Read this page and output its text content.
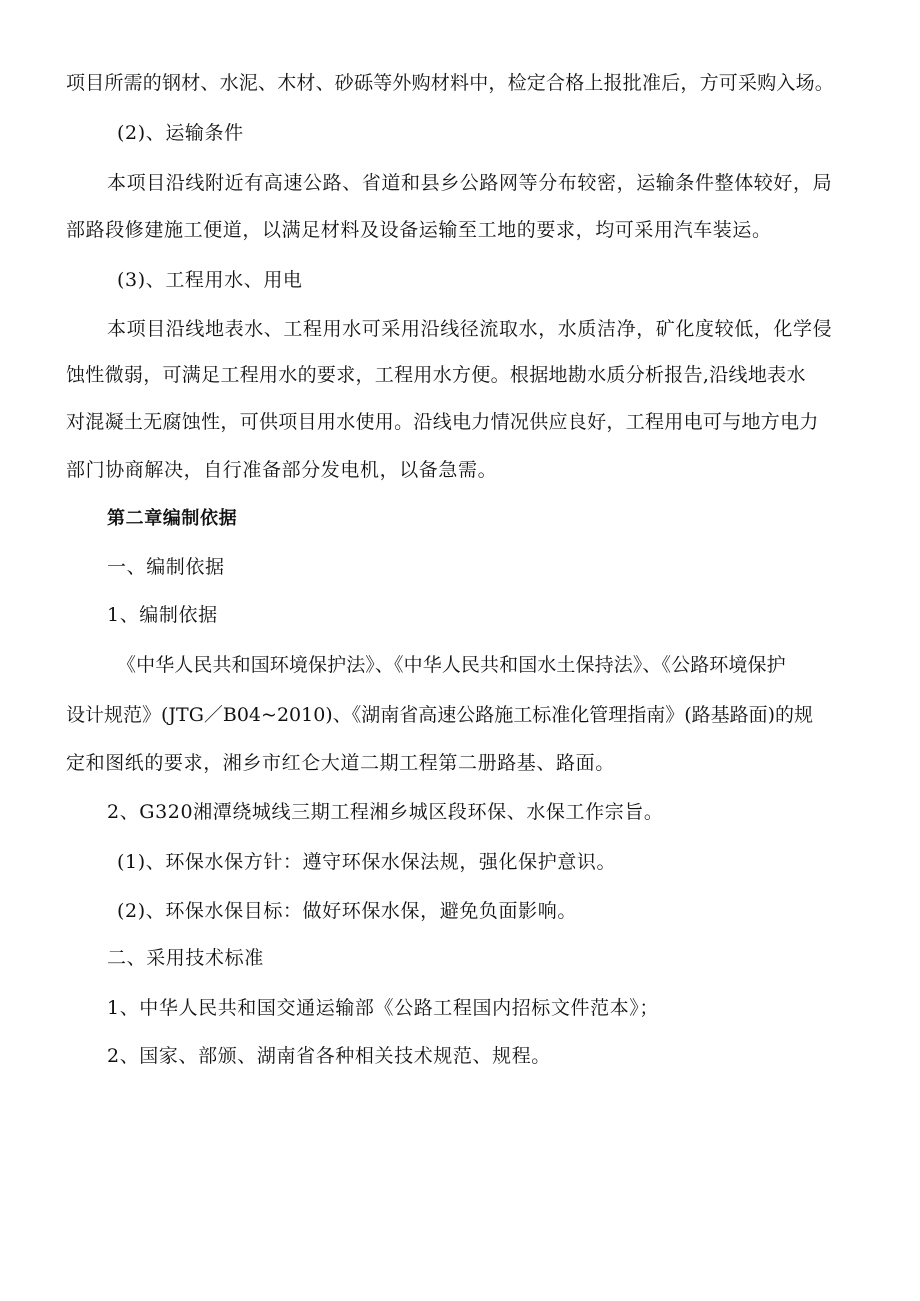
项目所需的钢材、水泥、木材、砂砾等外购材料中，检定合格上报批准后，方可采购入场。
(2)、运输条件
本项目沿线附近有高速公路、省道和县乡公路网等分布较密，运输条件整体较好，局
部路段修建施工便道，以满足材料及设备运输至工地的要求，均可采用汽车装运。
(3)、工程用水、用电
本项目沿线地表水、工程用水可采用沿线径流取水，水质洁净，矿化度较低，化学侵
蚀性微弱，可满足工程用水的要求，工程用水方便。根据地勘水质分析报告,沿线地表水
对混凝土无腐蚀性，可供项目用水使用。沿线电力情况供应良好，工程用电可与地方电力
部门协商解决，自行准备部分发电机，以备急需。
第二章编制依据
一、编制依据
1、编制依据
《中华人民共和国环境保护法》、《中华人民共和国水土保持法》、《公路环境保护
设计规范》(JTG／B04~2010)、《湖南省高速公路施工标准化管理指南》(路基路面)的规
定和图纸的要求，湘乡市红仑大道二期工程第二册路基、路面。
2、G320湘潭绕城线三期工程湘乡城区段环保、水保工作宗旨。
(1)、环保水保方针：遵守环保水保法规，强化保护意识。
(2)、环保水保目标：做好环保水保，避免负面影响。
二、采用技术标准
1、中华人民共和国交通运输部《公路工程国内招标文件范本》；
2、国家、部颁、湖南省各种相关技术规范、规程。
